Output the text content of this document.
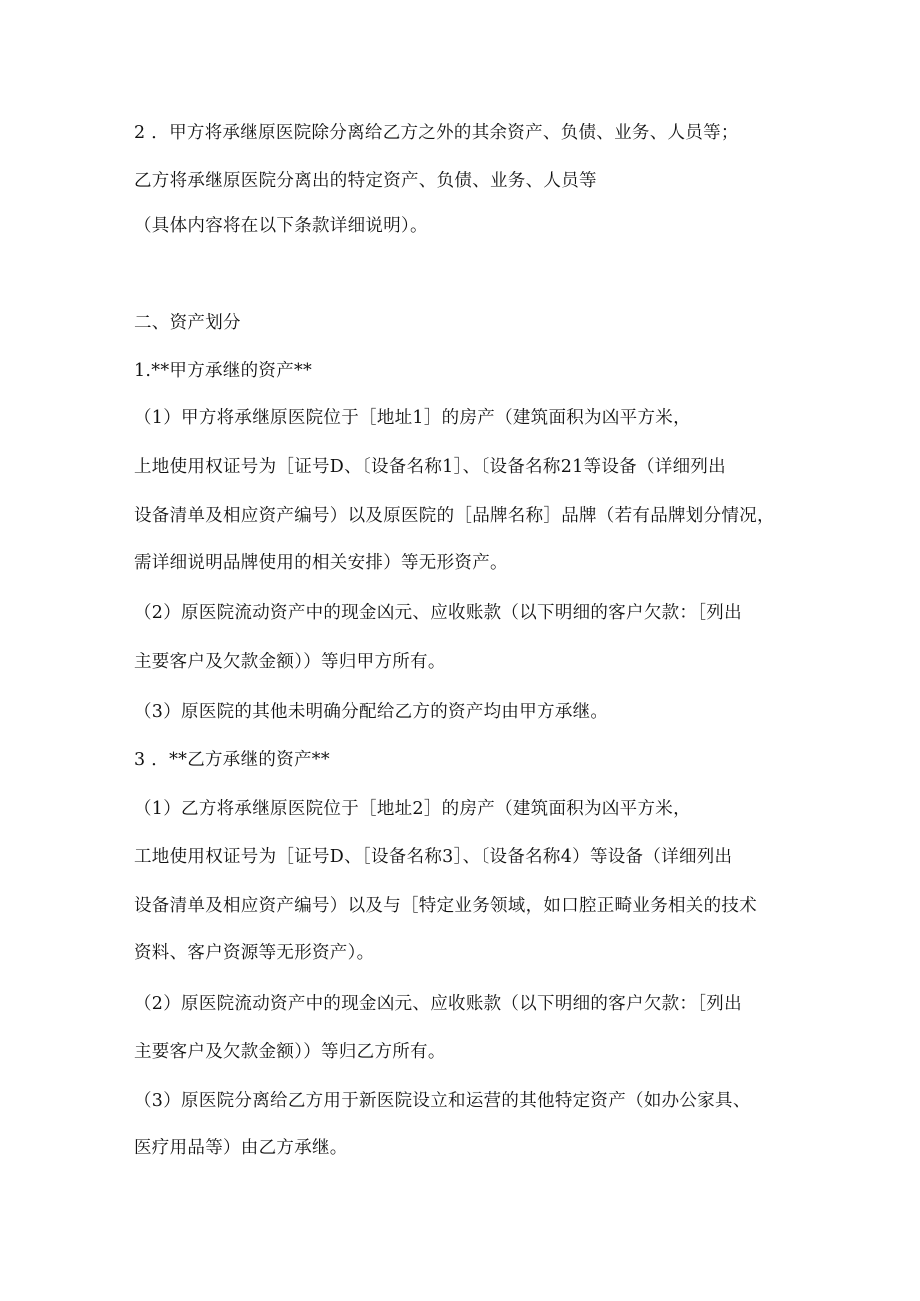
2 ．甲方将承继原医院除分离给乙方之外的其余资产、负债、业务、人员等；
乙方将承继原医院分离出的特定资产、负债、业务、人员等
（具体内容将在以下条款详细说明）。
二、资产划分
1.**甲方承继的资产**
（1）甲方将承继原医院位于［地址1］的房产（建筑面积为凶平方米，
上地使用权证号为［证号D、〔设备名称1］、〔设备名称21等设备（详细列出
设备清单及相应资产编号）以及原医院的［品牌名称］品牌（若有品牌划分情况，
需详细说明品牌使用的相关安排）等无形资产。
（2）原医院流动资产中的现金凶元、应收账款（以下明细的客户欠款：［列出
主要客户及欠款金额））等归甲方所有。
（3）原医院的其他未明确分配给乙方的资产均由甲方承继。
3 ．**乙方承继的资产**
（1）乙方将承继原医院位于［地址2］的房产（建筑面积为凶平方米，
工地使用权证号为［证号D、［设备名称3］、〔设备名称4）等设备（详细列出
设备清单及相应资产编号）以及与［特定业务领域，如口腔正畸业务相关的技术
资料、客户资源等无形资产）。
（2）原医院流动资产中的现金凶元、应收账款（以下明细的客户欠款：［列出
主要客户及欠款金额））等归乙方所有。
（3）原医院分离给乙方用于新医院设立和运营的其他特定资产（如办公家具、
医疗用品等）由乙方承继。
